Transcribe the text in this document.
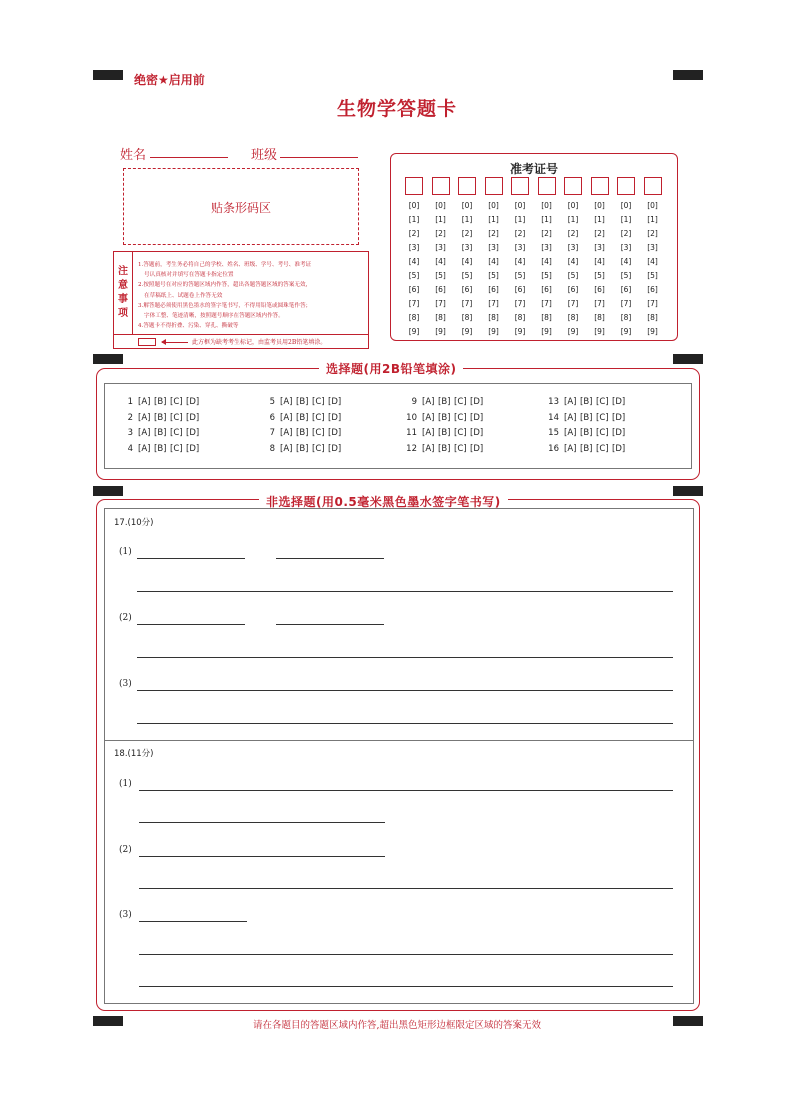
绝密★启用前
生物学答题卡
姓名	班级
贴条形码区
注
意
事
项
1.答题前，考生务必将自己的学校、姓名、班级、学号、考号、准考证
号认真核对并填写在答题卡指定位置
2.按照题号在对应的答题区域内作答，超出各题答题区域的答案无效，
在草稿纸上、试题卷上作答无效
3.解答题必须使用黑色墨水的签字笔书写，不得用铅笔或圆珠笔作答；
字体工整、笔迹清晰，按照题号顺序在答题区域内作答。
4.答题卡不得折叠、污染、穿孔、撕破等
此方框为缺考考生标记，由监考员用2B铅笔填涂。
准考证号
[0]
[1]
[2]
[3]
[4]
[5]
[6]
[7]
[8]
[9]
[0]
[1]
[2]
[3]
[4]
[5]
[6]
[7]
[8]
[9]
[0]
[1]
[2]
[3]
[4]
[5]
[6]
[7]
[8]
[9]
[0]
[1]
[2]
[3]
[4]
[5]
[6]
[7]
[8]
[9]
[0]
[1]
[2]
[3]
[4]
[5]
[6]
[7]
[8]
[9]
[0]
[1]
[2]
[3]
[4]
[5]
[6]
[7]
[8]
[9]
[0]
[1]
[2]
[3]
[4]
[5]
[6]
[7]
[8]
[9]
[0]
[1]
[2]
[3]
[4]
[5]
[6]
[7]
[8]
[9]
[0]
[1]
[2]
[3]
[4]
[5]
[6]
[7]
[8]
[9]
[0]
[1]
[2]
[3]
[4]
[5]
[6]
[7]
[8]
[9]
选择题(用2B铅笔填涂)
1 [A] [B] [C] [D]
2 [A] [B] [C] [D]
3 [A] [B] [C] [D]
4 [A] [B] [C] [D]
5 [A] [B] [C] [D]
6 [A] [B] [C] [D]
7 [A] [B] [C] [D]
8 [A] [B] [C] [D]
9 [A] [B] [C] [D]
10 [A] [B] [C] [D]
11 [A] [B] [C] [D]
12 [A] [B] [C] [D]
13 [A] [B] [C] [D]
14 [A] [B] [C] [D]
15 [A] [B] [C] [D]
16 [A] [B] [C] [D]
非选择题(用0.5毫米黑色墨水签字笔书写)
17.(10分)
(1)
(2)
(3)
18.(11分)
(1)
(2)
(3)
请在各题目的答题区域内作答,超出黑色矩形边框限定区域的答案无效
